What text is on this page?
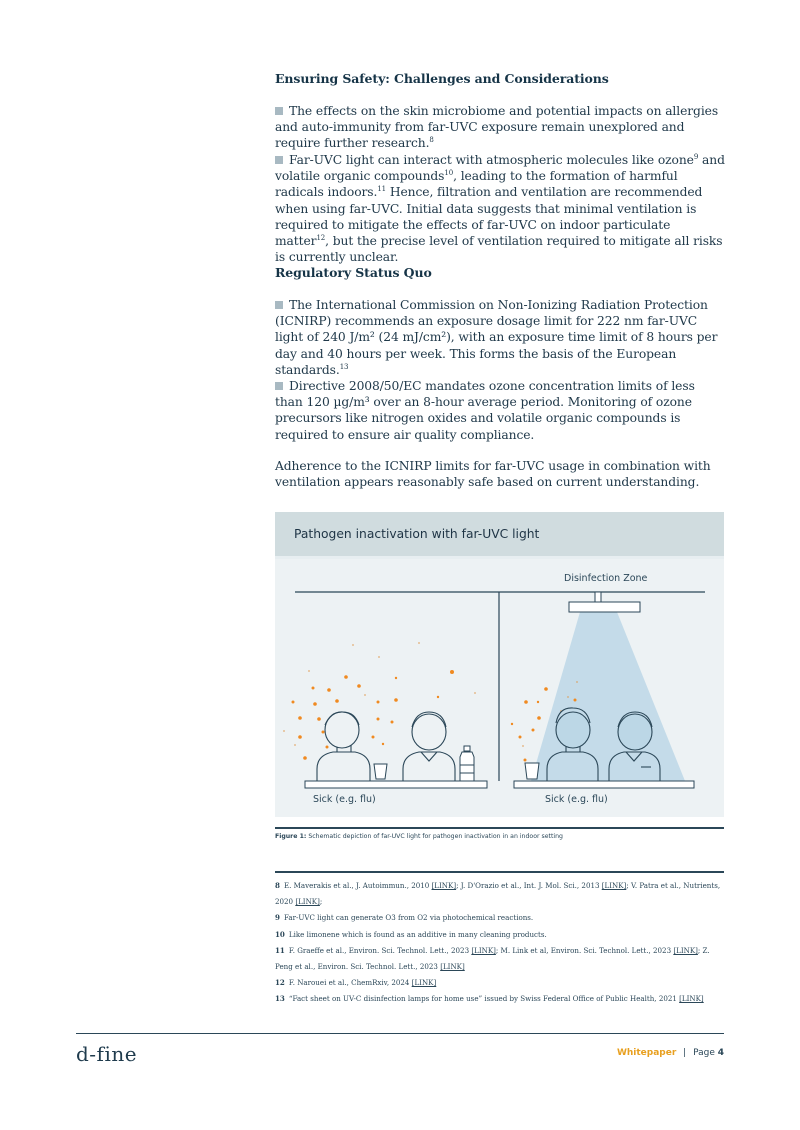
Ensuring Safety: Challenges and Considerations
The effects on the skin microbiome and potential impacts on allergies and auto-immunity from far-UVC exposure remain unexplored and require further research.$^8$
Far-UVC light can interact with atmospheric molecules like ozone$^9$ and volatile organic compounds$^{10}$, leading to the formation of harmful radicals indoors.$^{11}$ Hence, filtration and ventilation are recommended when using far-UVC. Initial data suggests that minimal ventilation is required to mitigate the effects of far-UVC on indoor particulate matter$^{12}$, but the precise level of ventilation required to mitigate all risks is currently unclear.
Regulatory Status Quo
The International Commission on Non-Ionizing Radiation Protection (ICNIRP) recommends an exposure dosage limit for 222 nm far-UVC light of 240 J/m² (24 mJ/cm²), with an exposure time limit of 8 hours per day and 40 hours per week. This forms the basis of the European standards.$^{13}$
Directive 2008/50/EC mandates ozone concentration limits of less than 120 µg/m³ over an 8-hour average period. Monitoring of ozone precursors like nitrogen oxides and volatile organic compounds is required to ensure air quality compliance.
Adherence to the ICNIRP limits for far-UVC usage in combination with ventilation appears reasonably safe based on current understanding.
Pathogen inactivation with far-UVC light
Disinfection Zone
Sick (e.g. flu)	Sick (e.g. flu)
Figure 1: Schematic depiction of far-UVC light for pathogen inactivation in an indoor setting
8 E. Maverakis et al., J. Autoimmun., 2010 [LINK]; J. D'Orazio et al., Int. J. Mol. Sci., 2013 [LINK]; V. Patra et al., Nutrients, 2020 [LINK];
9 Far-UVC light can generate O3 from O2 via photochemical reactions.
10 Like limonene which is found as an additive in many cleaning products.
11 F. Graeffe et al., Environ. Sci. Technol. Lett., 2023 [LINK]; M. Link et al, Environ. Sci. Technol. Lett., 2023 [LINK]; Z. Peng et al., Environ. Sci. Technol. Lett., 2023 [LINK]
12 F. Narouei et al., ChemRxiv, 2024 [LINK]
13 “Fact sheet on UV-C disinfection lamps for home use” issued by Swiss Federal Office of Public Health, 2021 [LINK]
d-fine	Whitepaper | Page 4
